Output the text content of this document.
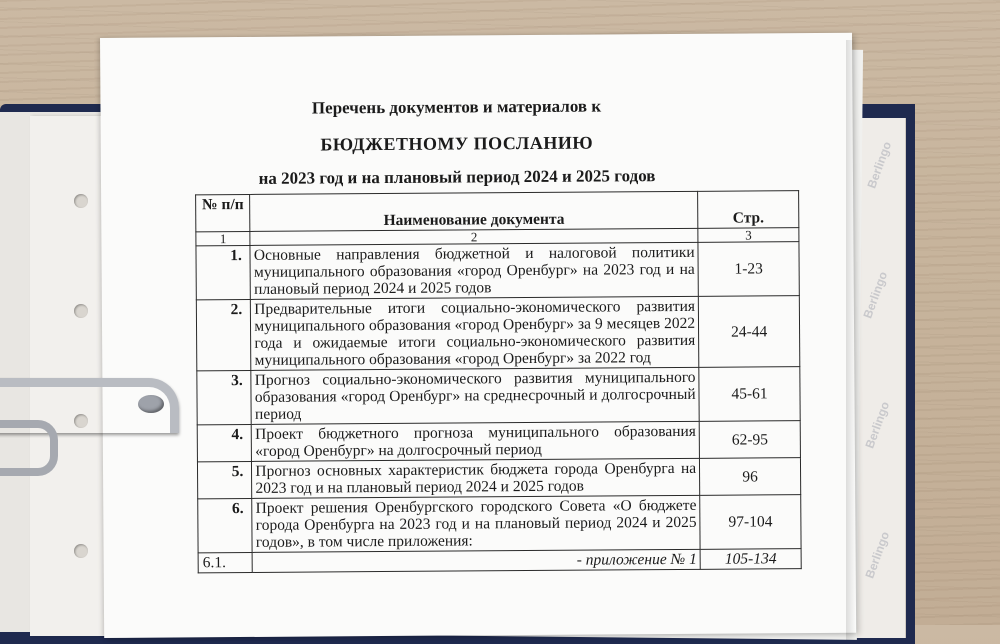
Berlingo
Berlingo
Berlingo
Berlingo
Перечень документов и материалов к
БЮДЖЕТНОМУ ПОСЛАНИЮ
на 2023 год и на плановый период 2024 и 2025 годов
№ п/п	Наименование документа	Стр.
1	2	3
1.	Основные направления бюджетной и налоговой политики муниципального образования «город Оренбург» на 2023 год и на плановый период 2024 и 2025 годов	1-23
2.	Предварительные итоги социально-экономического развития муниципального образования «город Оренбург» за 9 месяцев 2022 года и ожидаемые итоги социально-экономического развития муниципального образования «город Оренбург» за 2022 год	24-44
3.	Прогноз социально-экономического развития муниципального образования «город Оренбург» на среднесрочный и долгосрочный период	45-61
4.	Проект бюджетного прогноза муниципального образования «город Оренбург» на долгосрочный период	62-95
5.	Прогноз основных характеристик бюджета города Оренбурга на 2023 год и на плановый период 2024 и 2025 годов	96
6.	Проект решения Оренбургского городского Совета «О бюджете города Оренбурга на 2023 год и на плановый период 2024 и 2025 годов», в том числе приложения:	97-104
6.1.	- приложение № 1	105-134
